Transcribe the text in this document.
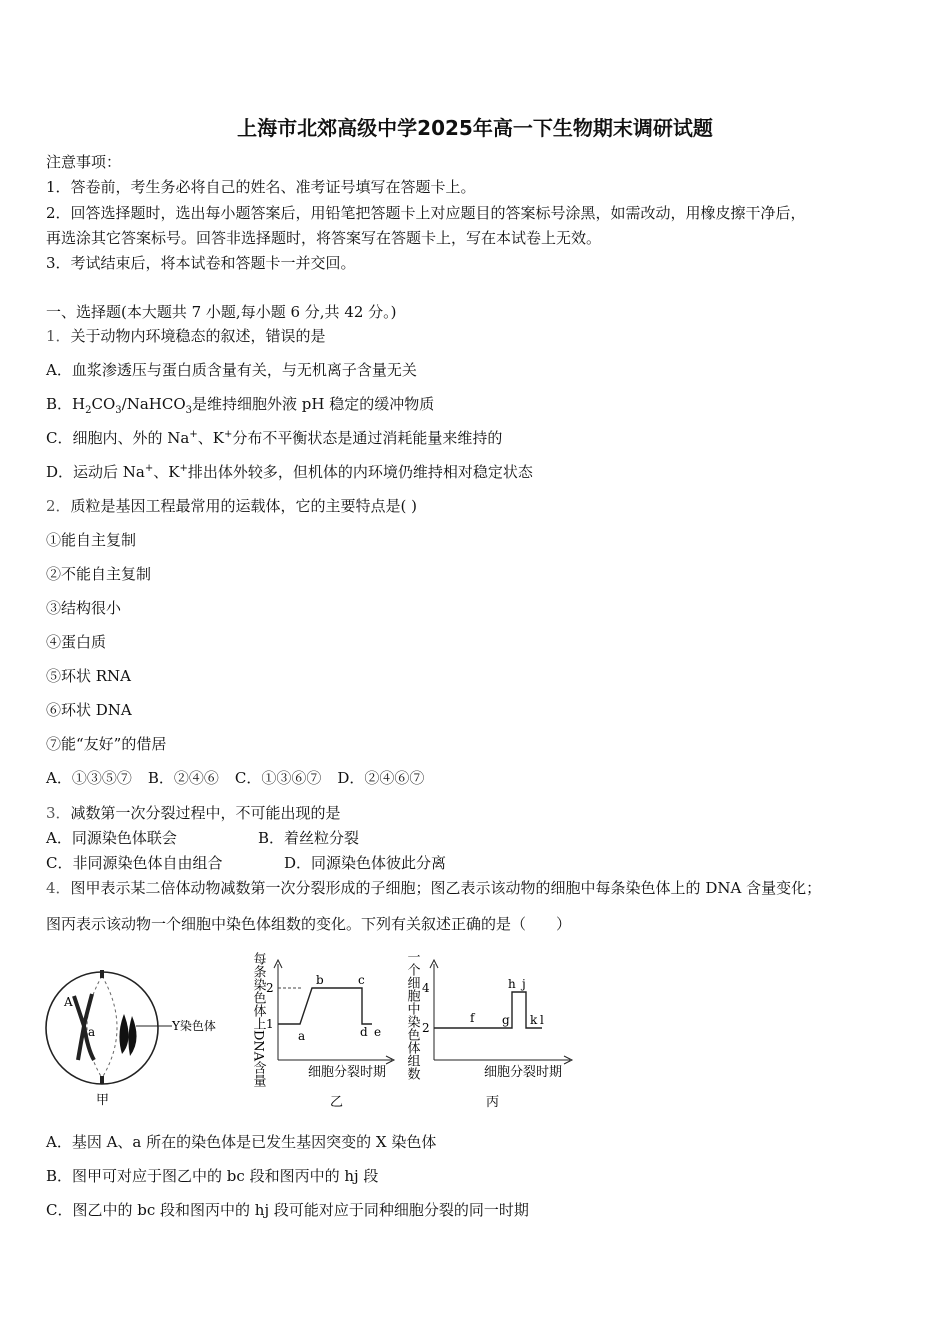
上海市北郊高级中学2025年高一下生物期末调研试题
注意事项：
1．答卷前，考生务必将自己的姓名、准考证号填写在答题卡上。
2．回答选择题时，选出每小题答案后，用铅笔把答题卡上对应题目的答案标号涂黑，如需改动，用橡皮擦干净后，
再选涂其它答案标号。回答非选择题时，将答案写在答题卡上，写在本试卷上无效。
3．考试结束后，将本试卷和答题卡一并交回。
一、选择题(本大题共 7 小题,每小题 6 分,共 42 分。)
1．关于动物内环境稳态的叙述，错误的是
A．血浆渗透压与蛋白质含量有关，与无机离子含量无关
B．$H_2CO_3/NaHCO_3$是维持细胞外液 pH 稳定的缓冲物质
C．细胞内、外的 Na+、K+分布不平衡状态是通过消耗能量来维持的
D．运动后 Na+、K+排出体外较多，但机体的内环境仍维持相对稳定状态
2．质粒是基因工程最常用的运载体，它的主要特点是( )
①能自主复制
②不能自主复制
③结构很小
④蛋白质
⑤环状 RNA
⑥环状 DNA
⑦能“友好”的借居
A．①③⑤⑦ B．②④⑥ C．①③⑥⑦ D．②④⑥⑦
3．减数第一次分裂过程中，不可能出现的是
A．同源染色体联会	B．着丝粒分裂
C．非同源染色体自由组合	D．同源染色体彼此分离
4．图甲表示某二倍体动物减数第一次分裂形成的子细胞；图乙表示该动物的细胞中每条染色体上的 DNA 含量变化；
图丙表示该动物一个细胞中染色体组数的变化。下列有关叙述正确的是（　　）
A
a	Y染色体
甲
每条染色体上DNA含量 2
1
a
b	c
d e
细胞分裂时期
乙
一个细胞中染色体组数 4
2
f g
h j
k l
细胞分裂时期
丙
A．基因 A、a 所在的染色体是已发生基因突变的 X 染色体
B．图甲可对应于图乙中的 bc 段和图丙中的 hj 段
C．图乙中的 bc 段和图丙中的 hj 段可能对应于同种细胞分裂的同一时期
